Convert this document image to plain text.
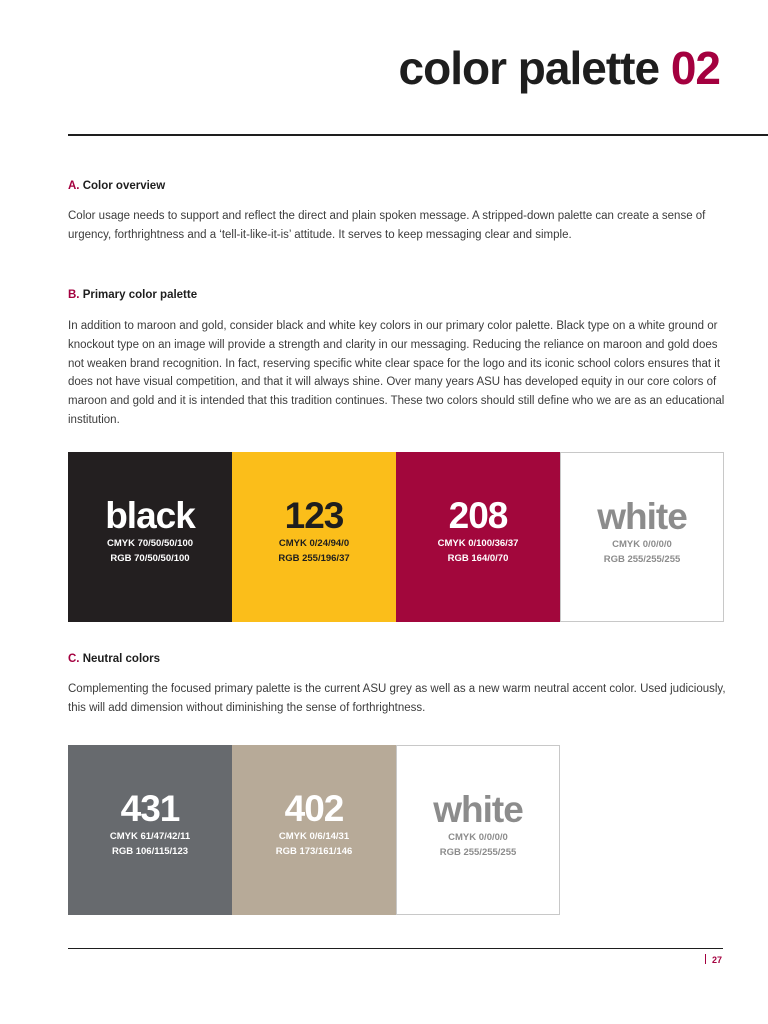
color palette 02

A. Color overview

Color usage needs to support and reflect the direct and plain spoken message. A stripped-down palette can create a sense of urgency, forthrightness and a ‘tell-it-like-it-is’ attitude. It serves to keep messaging clear and simple.

B. Primary color palette

In addition to maroon and gold, consider black and white key colors in our primary color palette. Black type on a white ground or knockout type on an image will provide a strength and clarity in our messaging. Reducing the reliance on maroon and gold does not weaken brand recognition. In fact, reserving specific white clear space for the logo and its iconic school colors ensures that it does not have visual competition, and that it will always shine. Over many years ASU has developed equity in our core colors of maroon and gold and it is intended that this tradition continues. These two colors should still define who we are as an educational institution.

black
CMYK 70/50/50/100
RGB 70/50/50/100
123
CMYK 0/24/94/0
RGB 255/196/37
208
CMYK 0/100/36/37
RGB 164/0/70
white
CMYK 0/0/0/0
RGB 255/255/255

C. Neutral colors

Complementing the focused primary palette is the current ASU grey as well as a new warm neutral accent color. Used judiciously, this will add dimension without diminishing the sense of forthrightness.

431
CMYK 61/47/42/11
RGB 106/115/123
402
CMYK 0/6/14/31
RGB 173/161/146
white
CMYK 0/0/0/0
RGB 255/255/255
27
